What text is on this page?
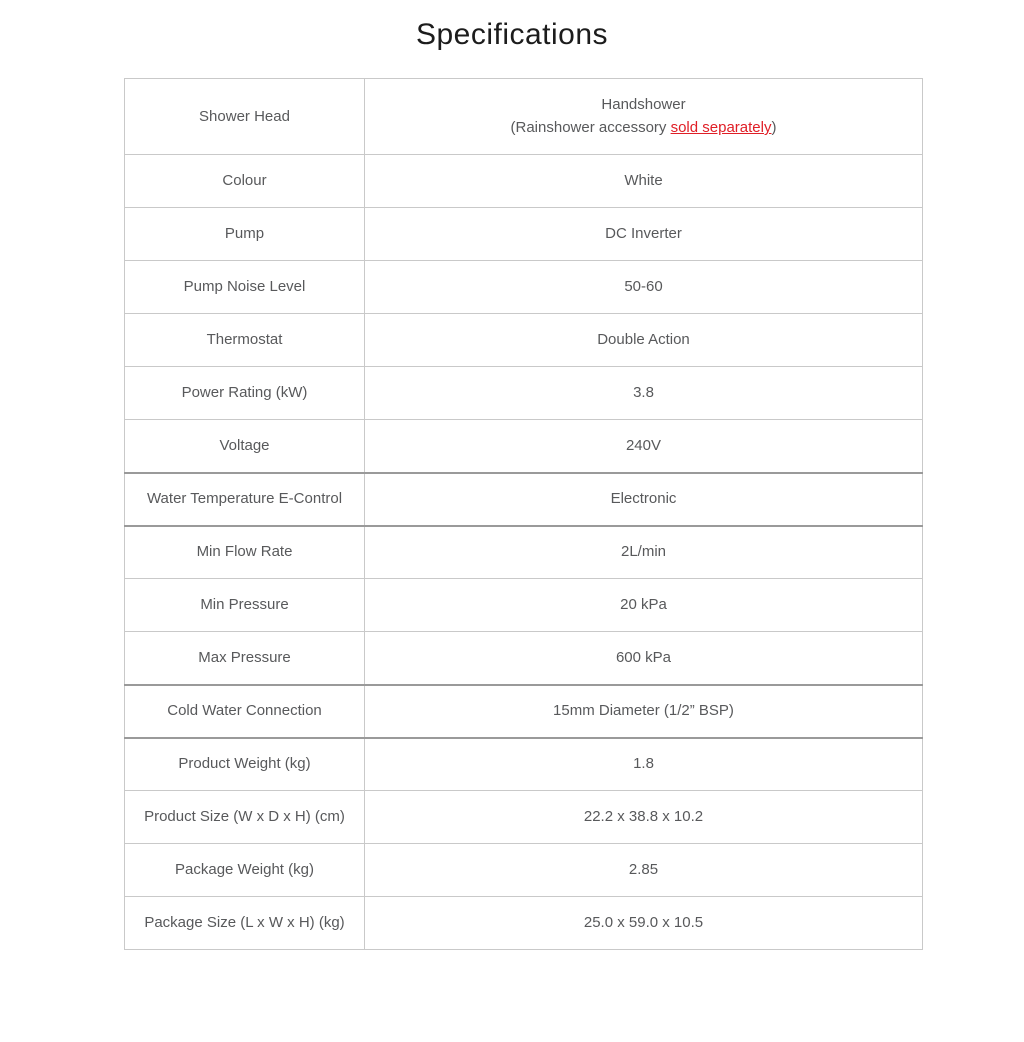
Specifications
Shower Head	Handshower
(Rainshower accessory sold separately)

Colour	White

Pump	DC Inverter

Pump Noise Level	50-60

Thermostat	Double Action

Power Rating (kW)	3.8

Voltage	240V

Water Temperature E-Control	Electronic

Min Flow Rate	2L/min

Min Pressure	20 kPa

Max Pressure	600 kPa

Cold Water Connection	15mm Diameter (1/2” BSP)

Product Weight (kg)	1.8

Product Size (W x D x H) (cm)	22.2 x 38.8 x 10.2

Package Weight (kg)	2.85

Package Size (L x W x H) (kg)	25.0 x 59.0 x 10.5
